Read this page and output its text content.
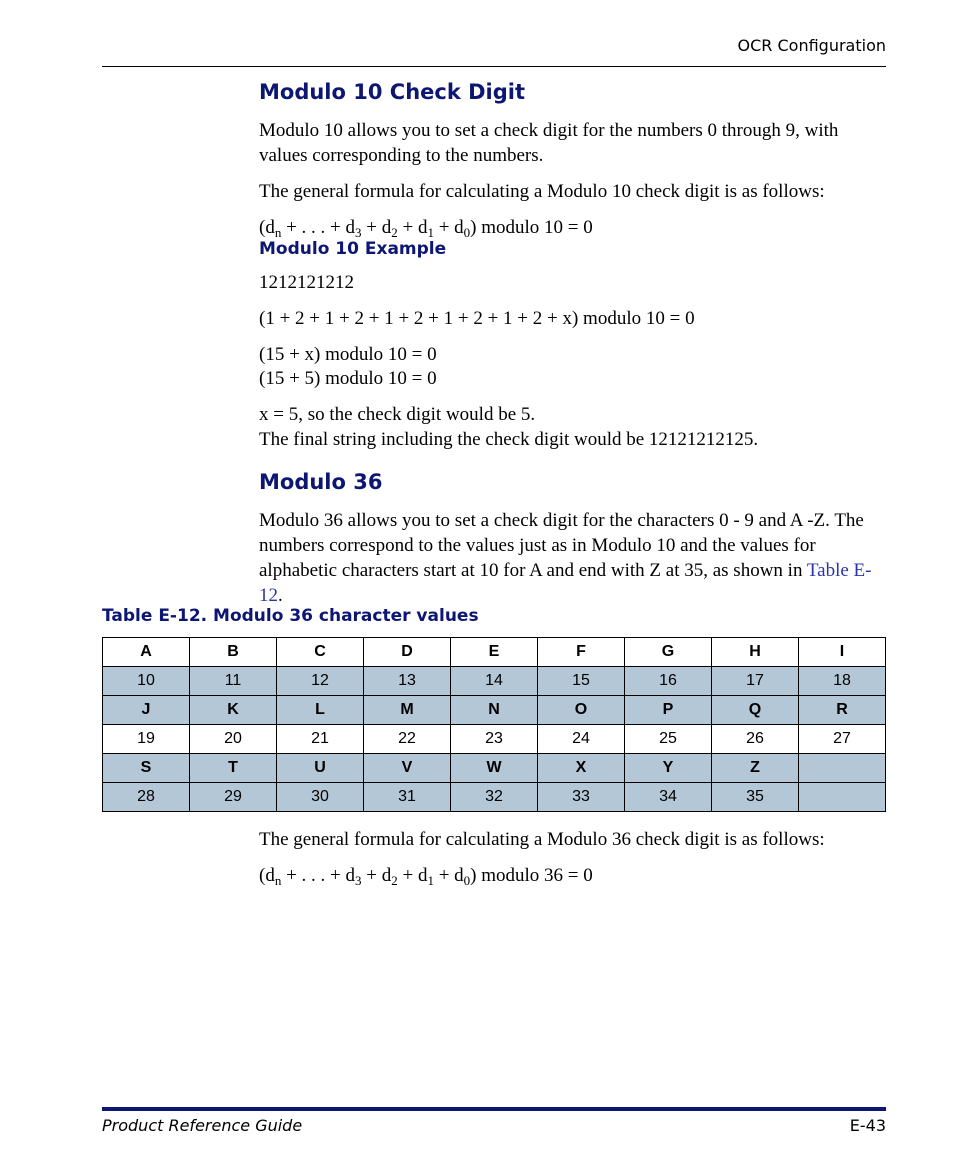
OCR Configuration
Modulo 10 Check Digit
Modulo 10 allows you to set a check digit for the numbers 0 through 9, with values corresponding to the numbers.
The general formula for calculating a Modulo 10 check digit is as follows:
($d_n$ + . . . + $d_3 + d_2 + d_1 + d_0$) modulo 10 = 0
Modulo 10 Example
1212121212
(1 + 2 + 1 + 2 + 1 + 2 + 1 + 2 + 1 + 2 + x) modulo 10 = 0
(15 + x) modulo 10 = 0
(15 + 5) modulo 10 = 0
x = 5, so the check digit would be 5.
The final string including the check digit would be 12121212125.
Modulo 36
Modulo 36 allows you to set a check digit for the characters 0 - 9 and A -Z. The numbers correspond to the values just as in Modulo 10 and the values for alphabetic characters start at 10 for A and end with Z at 35, as shown in Table E-12.
Table E-12. Modulo 36 character values
A	B	C	D	E	F	G	H	I
10	11	12	13	14	15	16	17	18
J	K	L	M	N	O	P	Q	R
19	20	21	22	23	24	25	26	27
S	T	U	V	W	X	Y	Z	
28	29	30	31	32	33	34	35	
The general formula for calculating a Modulo 36 check digit is as follows:
($d_n$ + . . . + $d_3 + d_2 + d_1 + d_0$) modulo 36 = 0
Product Reference Guide	E-43
